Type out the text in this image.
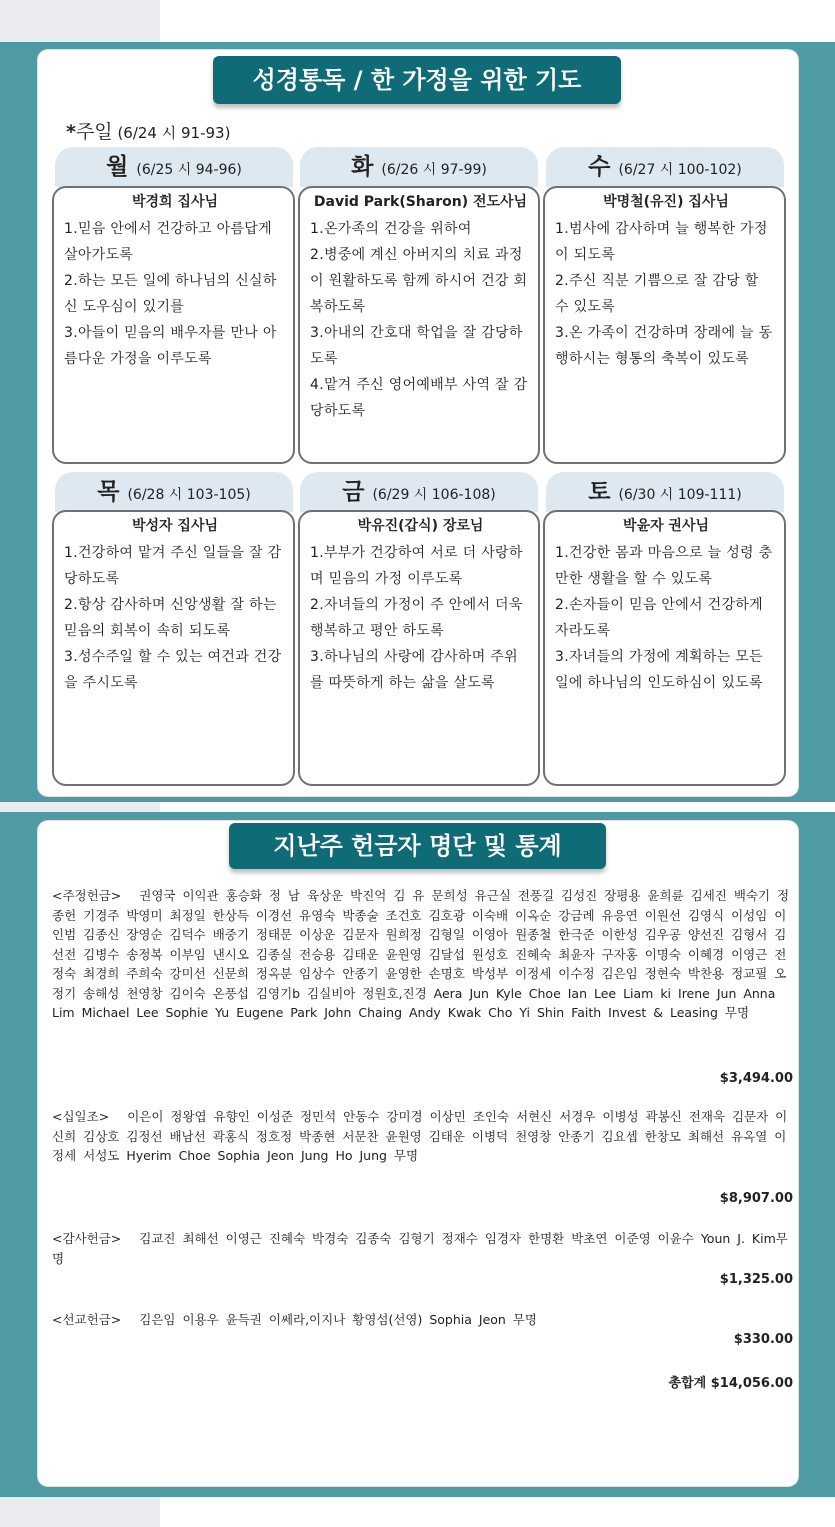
성경통독 / 한 가정을 위한 기도
*주일 (6/24 시 91-93)
월 (6/25 시 94-96)
박경희 집사님
1.믿음 안에서 건강하고 아름답게 살아가도록
2.하는 모든 일에 하나님의 신실하신 도우심이 있기를
3.아들이 믿음의 배우자를 만나 아름다운 가정을 이루도록
화 (6/26 시 97-99)
David Park(Sharon) 전도사님
1.온가족의 건강을 위하여
2.병중에 계신 아버지의 치료 과정이 원활하도록 함께 하시어 건강 회복하도록
3.아내의 간호대 학업을 잘 감당하도록
4.맡겨 주신 영어예배부 사역 잘 감당하도록
수 (6/27 시 100-102)
박명철(유진) 집사님
1.범사에 감사하며 늘 행복한 가정이 되도록
2.주신 직분 기쁨으로 잘 감당 할 수 있도록
3.온 가족이 건강하며 장래에 늘 동행하시는 형통의 축복이 있도록
목 (6/28 시 103-105)
박성자 집사님
1.건강하여 맡겨 주신 일들을 잘 감당하도록
2.항상 감사하며 신앙생활 잘 하는 믿음의 회복이 속히 되도록
3.성수주일 할 수 있는 여건과 건강을 주시도록
금 (6/29 시 106-108)
박유진(갑식) 장로님
1.부부가 건강하여 서로 더 사랑하며 믿음의 가정 이루도록
2.자녀들의 가정이 주 안에서 더욱 행복하고 평안 하도록
3.하나님의 사랑에 감사하며 주위를 따뜻하게 하는 삶을 살도록
토 (6/30 시 109-111)
박윤자 권사님
1.건강한 몸과 마음으로 늘 성령 충만한 생활을 할 수 있도록
2.손자들이 믿음 안에서 건강하게 자라도록
3.자녀들의 가정에 계획하는 모든 일에 하나님의 인도하심이 있도록
지난주 헌금자 명단 및 통계
<주정헌금> 권영국 이익관 홍승화 정 남 육상운 박진억 김 유 문희성 유근실 전풍길 김성진 장평용 윤희륜 김세진 백숙기 정종헌 기경주 박영미 최정일 한상득 이경선 유영숙 박종술 조건호 김호광 이숙배 이옥순 강금례 유응연 이원선 김영식 이성임 이인범 김종신 장영순 김덕수 배중기 정태문 이상운 김문자 원희정 김형일 이영아 원종철 한극준 이한성 김우공 양선진 김형서 김선전 김병수 송정복 이부임 낸시오 김종실 전승용 김태운 윤원영 김달섭 원성호 진혜숙 최윤자 구자홍 이명숙 이혜경 이영근 전정숙 최경희 주희숙 강미선 신문희 정옥분 임상수 안종기 윤영한 손명호 박성부 이정세 이수정 김은임 정현숙 박찬용 정교필 오정기 송해성 천영창 김이숙 온풍섭 김영기b 김실비아 정원호,진경 Aera Jun Kyle Choe Ian Lee Liam ki Irene Jun Anna Lim Michael Lee Sophie Yu Eugene Park John Chaing Andy Kwak Cho Yi Shin Faith Invest & Leasing 무명
$3,494.00
<십일조> 이은이 정왕엽 유향인 이성준 정민석 안동수 강미경 이상민 조인숙 서현신 서경우 이병성 곽봉신 전재욱 김문자 이신희 김상호 김정선 배남선 곽홍식 정호정 박종현 서문찬 윤원영 김태운 이병덕 천영창 안종기 김요셉 한창모 최해선 유옥열 이정세 서성도 Hyerim Choe Sophia Jeon Jung Ho Jung 무명
$8,907.00
<감사헌금> 김교진 최해선 이영근 진혜숙 박경숙 김종숙 김형기 정재수 임경자 한명환 박초연 이준영 이윤수 Youn J. Kim무 명
$1,325.00
<선교헌금> 김은임 이용우 윤득권 이쎄라,이지나 황영섬(선영) Sophia Jeon 무명
$330.00
총합계 $14,056.00
